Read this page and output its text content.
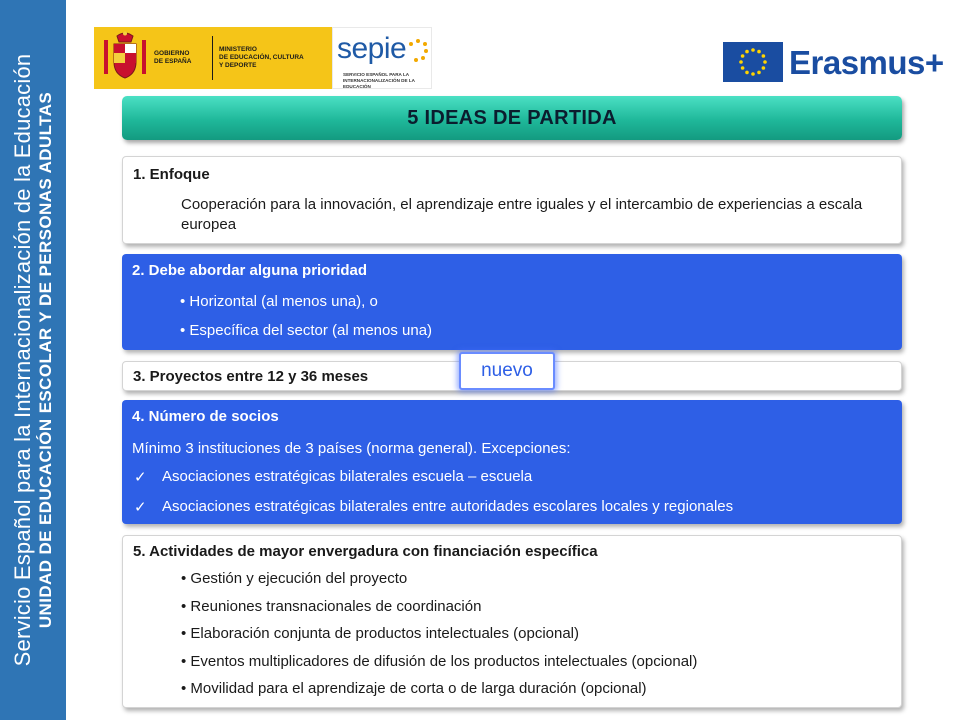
Servicio Español para la Internacionalización de la Educación UNIDAD DE EDUCACIÓN ESCOLAR Y DE PERSONAS ADULTAS
GOBIERNO
DE ESPAÑA
MINISTERIO
DE EDUCACIÓN, CULTURA
Y DEPORTE
sepie
SERVICIO ESPAÑOL PARA LA
INTERNACIONALIZACIÓN DE LA EDUCACIÓN
Erasmus+
5 IDEAS DE PARTIDA
1. Enfoque
Cooperación para la innovación, el aprendizaje entre iguales y el intercambio de experiencias a escala europea
2. Debe abordar alguna prioridad
• Horizontal (al menos una), o
• Específica del sector (al menos una)
3. Proyectos entre 12 y 36 meses	nuevo
4. Número de socios
Mínimo 3 instituciones de 3 países (norma general). Excepciones:
✓ Asociaciones estratégicas bilaterales escuela – escuela
✓ Asociaciones estratégicas bilaterales entre autoridades escolares locales y regionales
5. Actividades de mayor envergadura con financiación específica
• Gestión y ejecución del proyecto
• Reuniones transnacionales de coordinación
• Elaboración conjunta de productos intelectuales (opcional)
• Eventos multiplicadores de difusión de los productos intelectuales (opcional)
• Movilidad para el aprendizaje de corta o de larga duración (opcional)
